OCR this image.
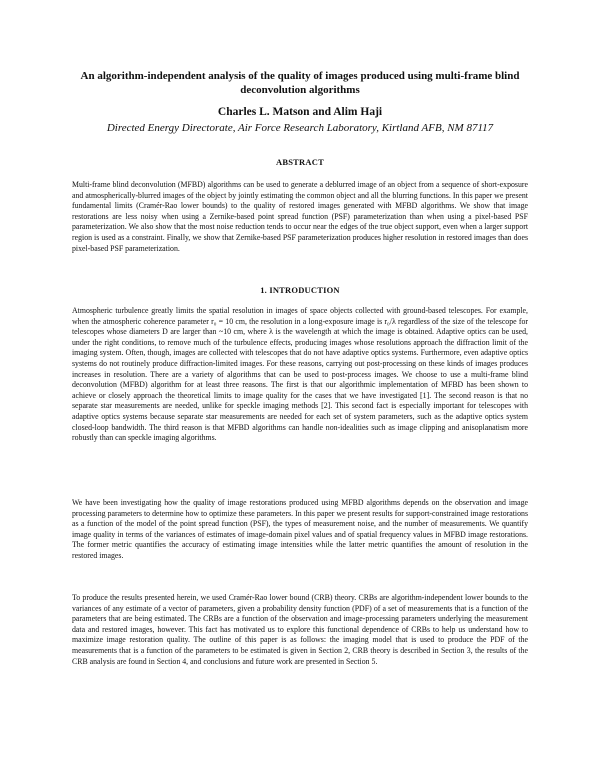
An algorithm-independent analysis of the quality of images produced using multi-frame blind deconvolution algorithms
Charles L. Matson and Alim Haji
Directed Energy Directorate, Air Force Research Laboratory, Kirtland AFB, NM 87117
ABSTRACT

Multi-frame blind deconvolution (MFBD) algorithms can be used to generate a deblurred image of an object from a sequence of short-exposure and atmospherically-blurred images of the object by jointly estimating the common object and all the blurring functions. In this paper we present fundamental limits (Cramér-Rao lower bounds) to the quality of restored images generated with MFBD algorithms. We show that image restorations are less noisy when using a Zernike-based point spread function (PSF) parameterization than when using a pixel-based PSF parameterization. We also show that the most noise reduction tends to occur near the edges of the true object support, even when a larger support region is used as a constraint. Finally, we show that Zernike-based PSF parameterization produces higher resolution in restored images than does pixel-based PSF parameterization.

1. INTRODUCTION

Atmospheric turbulence greatly limits the spatial resolution in images of space objects collected with ground-based telescopes. For example, when the atmospheric coherence parameter r₀ = 10 cm, the resolution in a long-exposure image is r₀/λ regardless of the size of the telescope for telescopes whose diameters D are larger than ~10 cm, where λ is the wavelength at which the image is obtained. Adaptive optics can be used, under the right conditions, to remove much of the turbulence effects, producing images whose resolutions approach the diffraction limit of the imaging system. Often, though, images are collected with telescopes that do not have adaptive optics systems. Furthermore, even adaptive optics systems do not routinely produce diffraction-limited images. For these reasons, carrying out post-processing on these kinds of images produces increases in resolution. There are a variety of algorithms that can be used to post-process images. We choose to use a multi-frame blind deconvolution (MFBD) algorithm for at least three reasons. The first is that our algorithmic implementation of MFBD has been shown to achieve or closely approach the theoretical limits to image quality for the cases that we have investigated [1]. The second reason is that no separate star measurements are needed, unlike for speckle imaging methods [2]. This second fact is especially important for telescopes with adaptive optics systems because separate star measurements are needed for each set of system parameters, such as the adaptive optics system closed-loop bandwidth. The third reason is that MFBD algorithms can handle non-idealities such as image clipping and anisoplanatism more robustly than can speckle imaging algorithms.

We have been investigating how the quality of image restorations produced using MFBD algorithms depends on the observation and image processing parameters to determine how to optimize these parameters. In this paper we present results for support-constrained image restorations as a function of the model of the point spread function (PSF), the types of measurement noise, and the number of measurements. We quantify image quality in terms of the variances of estimates of image-domain pixel values and of spatial frequency values in MFBD image restorations. The former metric quantifies the accuracy of estimating image intensities while the latter metric quantifies the amount of resolution in the restored images.

To produce the results presented herein, we used Cramér-Rao lower bound (CRB) theory. CRBs are algorithm-independent lower bounds to the variances of any estimate of a vector of parameters, given a probability density function (PDF) of a set of measurements that is a function of the parameters that are being estimated. The CRBs are a function of the observation and image-processing parameters underlying the measurement data and restored images, however. This fact has motivated us to explore this functional dependence of CRBs to help us understand how to maximize image restoration quality. The outline of this paper is as follows: the imaging model that is used to produce the PDF of the measurements that is a function of the parameters to be estimated is given in Section 2, CRB theory is described in Section 3, the results of the CRB analysis are found in Section 4, and conclusions and future work are presented in Section 5.
